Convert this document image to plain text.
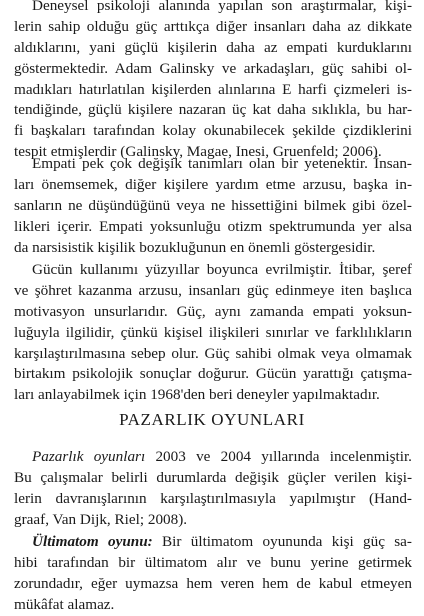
Deneysel psikoloji alanında yapılan son araştırmalar, kişi-
lerin sahip olduğu güç arttıkça diğer insanları daha az dikkate
aldıklarını, yani güçlü kişilerin daha az empati kurduklarını
göstermektedir. Adam Galinsky ve arkadaşları, güç sahibi ol-
madıkları hatırlatılan kişilerden alınlarına E harfi çizmeleri is-
tendiğinde, güçlü kişilere nazaran üç kat daha sıklıkla, bu har-
fi başkaları tarafından kolay okunabilecek şekilde çizdiklerini
tespit etmişlerdir (Galinsky, Magae, Inesi, Gruenfeld; 2006).
Empati pek çok değişik tanımları olan bir yetenektir. İnsan-
ları önemsemek, diğer kişilere yardım etme arzusu, başka in-
sanların ne düşündüğünü veya ne hissettiğini bilmek gibi özel-
likleri içerir. Empati yoksunluğu otizm spektrumunda yer alsa
da narsisistik kişilik bozukluğunun en önemli göstergesidir.
Gücün kullanımı yüzyıllar boyunca evrilmiştir. İtibar, şeref
ve şöhret kazanma arzusu, insanları güç edinmeye iten başlıca
motivasyon unsurlarıdır. Güç, aynı zamanda empati yoksun-
luğuyla ilgilidir, çünkü kişisel ilişkileri sınırlar ve farklılıkların
karşılaştırılmasına sebep olur. Güç sahibi olmak veya olmamak
birtakım psikolojik sonuçlar doğurur. Gücün yarattığı çatışma-
ları anlayabilmek için 1968'den beri deneyler yapılmaktadır.
PAZARLIK OYUNLARI
Pazarlık oyunları 2003 ve 2004 yıllarında incelenmiştir.
Bu çalışmalar belirli durumlarda değişik güçler verilen kişi-
lerin davranışlarının karşılaştırılmasıyla yapılmıştır (Hand-
graaf, Van Dijk, Riel; 2008).
Ültimatom oyunu: Bir ültimatom oyununda kişi güç sa-
hibi tarafından bir ültimatom alır ve bunu yerine getirmek
zorundadır, eğer uymazsa hem veren hem de kabul etmeyen
mükâfat alamaz.
